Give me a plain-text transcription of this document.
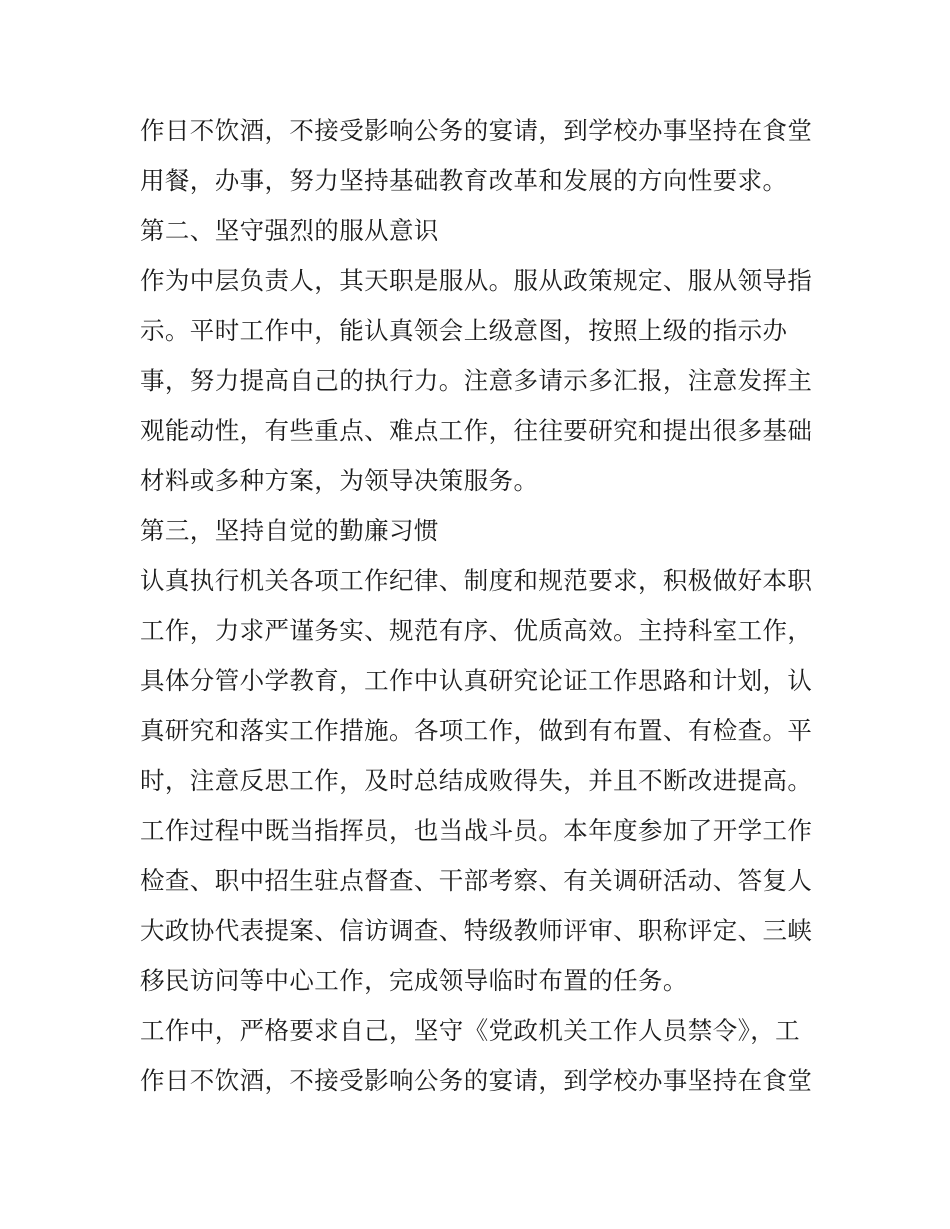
作日不饮酒，不接受影响公务的宴请，到学校办事坚持在食堂
用餐，办事，努力坚持基础教育改革和发展的方向性要求。
第二、坚守强烈的服从意识
作为中层负责人，其天职是服从。服从政策规定、服从领导指
示。平时工作中，能认真领会上级意图，按照上级的指示办
事，努力提高自己的执行力。注意多请示多汇报，注意发挥主
观能动性，有些重点、难点工作，往往要研究和提出很多基础
材料或多种方案，为领导决策服务。
第三，坚持自觉的勤廉习惯
认真执行机关各项工作纪律、制度和规范要求，积极做好本职
工作，力求严谨务实、规范有序、优质高效。主持科室工作，
具体分管小学教育，工作中认真研究论证工作思路和计划，认
真研究和落实工作措施。各项工作，做到有布置、有检查。平
时，注意反思工作，及时总结成败得失，并且不断改进提高。
工作过程中既当指挥员，也当战斗员。本年度参加了开学工作
检查、职中招生驻点督查、干部考察、有关调研活动、答复人
大政协代表提案、信访调查、特级教师评审、职称评定、三峡
移民访问等中心工作，完成领导临时布置的任务。
工作中，严格要求自己，坚守《党政机关工作人员禁令》，工
作日不饮酒，不接受影响公务的宴请，到学校办事坚持在食堂
